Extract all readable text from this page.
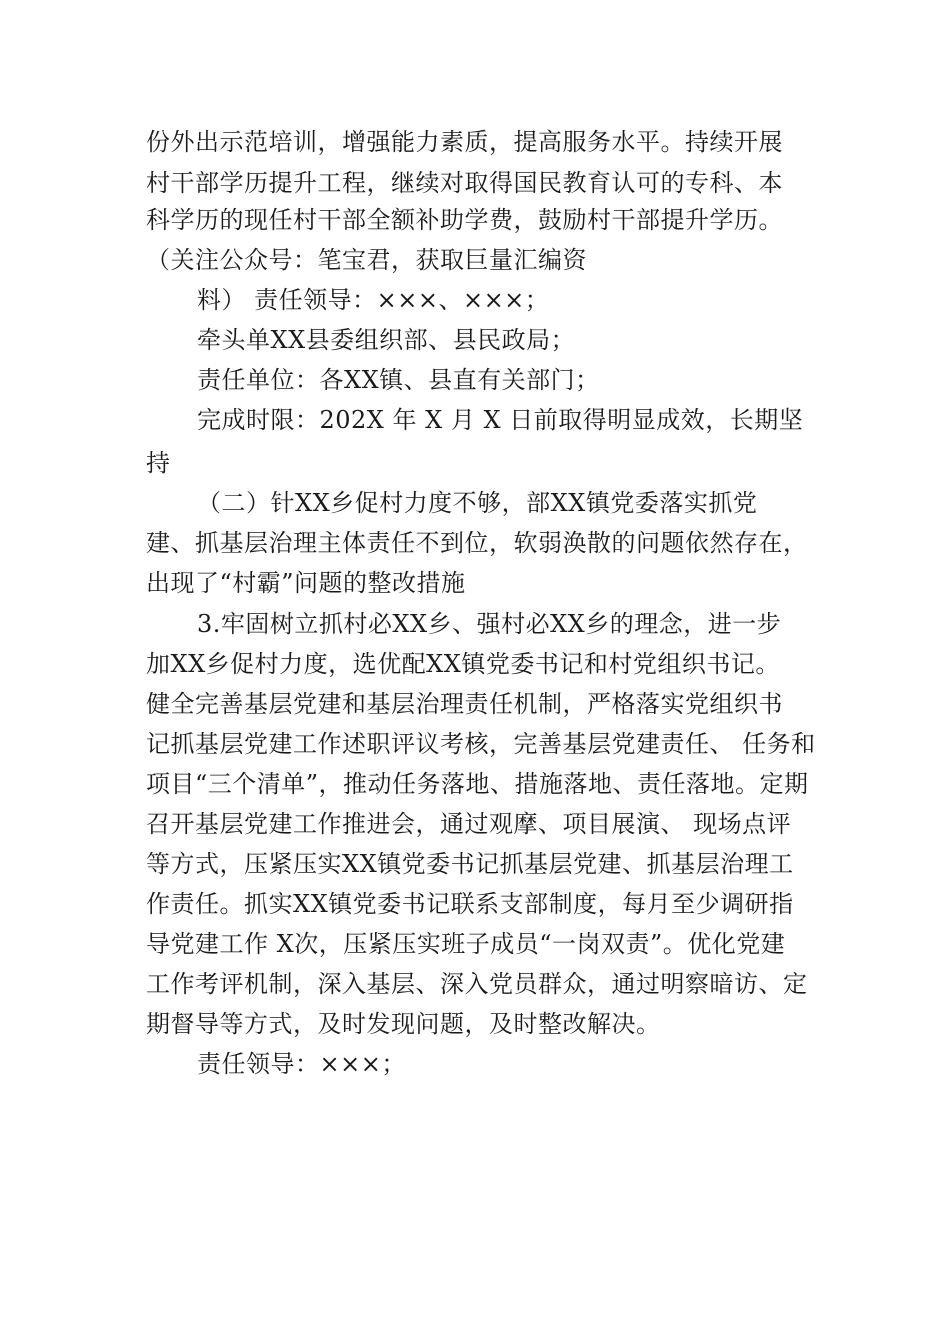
份外出示范培训，增强能力素质，提高服务水平。持续开展
村干部学历提升工程，继续对取得国民教育认可的专科、本
科学历的现任村干部全额补助学费，鼓励村干部提升学历。
（关注公众号：笔宝君，获取巨量汇编资
料） 责任领导：×××、×××；
牵头单XX县委组织部、县民政局；
责任单位：各XX镇、县直有关部门；
完成时限：202X 年 X 月 X 日前取得明显成效，长期坚
持
（二）针XX乡促村力度不够，部XX镇党委落实抓党
建、抓基层治理主体责任不到位，软弱涣散的问题依然存在，
出现了“村霸”问题的整改措施
3.牢固树立抓村必XX乡、强村必XX乡的理念，进一步
加XX乡促村力度，选优配XX镇党委书记和村党组织书记。
健全完善基层党建和基层治理责任机制，严格落实党组织书
记抓基层党建工作述职评议考核，完善基层党建责任、 任务和
项目“三个清单”，推动任务落地、措施落地、责任落地。定期
召开基层党建工作推进会，通过观摩、项目展演、 现场点评
等方式，压紧压实XX镇党委书记抓基层党建、抓基层治理工
作责任。抓实XX镇党委书记联系支部制度，每月至少调研指
导党建工作 X次，压紧压实班子成员“一岗双责”。优化党建
工作考评机制，深入基层、深入党员群众，通过明察暗访、定
期督导等方式，及时发现问题，及时整改解决。
责任领导：×××；
